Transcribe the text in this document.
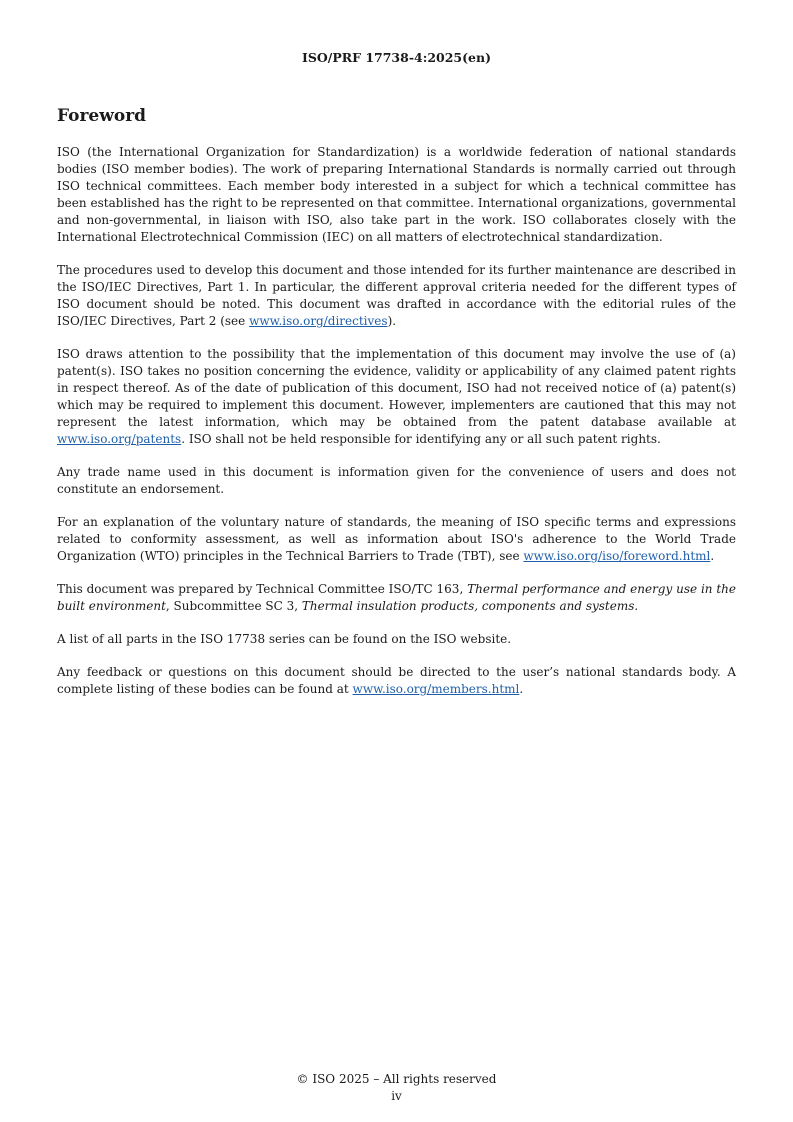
ISO/PRF 17738-4:2025(en)
Foreword

ISO (the International Organization for Standardization) is a worldwide federation of national standards bodies (ISO member bodies). The work of preparing International Standards is normally carried out through ISO technical committees. Each member body interested in a subject for which a technical committee has been established has the right to be represented on that committee. International organizations, governmental and non-governmental, in liaison with ISO, also take part in the work. ISO collaborates closely with the International Electrotechnical Commission (IEC) on all matters of electrotechnical standardization.

The procedures used to develop this document and those intended for its further maintenance are described in the ISO/IEC Directives, Part 1. In particular, the different approval criteria needed for the different types of ISO document should be noted. This document was drafted in accordance with the editorial rules of the ISO/IEC Directives, Part 2 (see www.iso.org/directives).

ISO draws attention to the possibility that the implementation of this document may involve the use of (a) patent(s). ISO takes no position concerning the evidence, validity or applicability of any claimed patent rights in respect thereof. As of the date of publication of this document, ISO had not received notice of (a) patent(s) which may be required to implement this document. However, implementers are cautioned that this may not represent the latest information, which may be obtained from the patent database available at www.iso.org/patents. ISO shall not be held responsible for identifying any or all such patent rights.

Any trade name used in this document is information given for the convenience of users and does not constitute an endorsement.

For an explanation of the voluntary nature of standards, the meaning of ISO specific terms and expressions related to conformity assessment, as well as information about ISO's adherence to the World Trade Organization (WTO) principles in the Technical Barriers to Trade (TBT), see www.iso.org/iso/foreword.html.

This document was prepared by Technical Committee ISO/TC 163, Thermal performance and energy use in the built environment, Subcommittee SC 3, Thermal insulation products, components and systems.

A list of all parts in the ISO 17738 series can be found on the ISO website.

Any feedback or questions on this document should be directed to the user’s national standards body. A complete listing of these bodies can be found at www.iso.org/members.html.

© ISO 2025 – All rights reserved
iv
